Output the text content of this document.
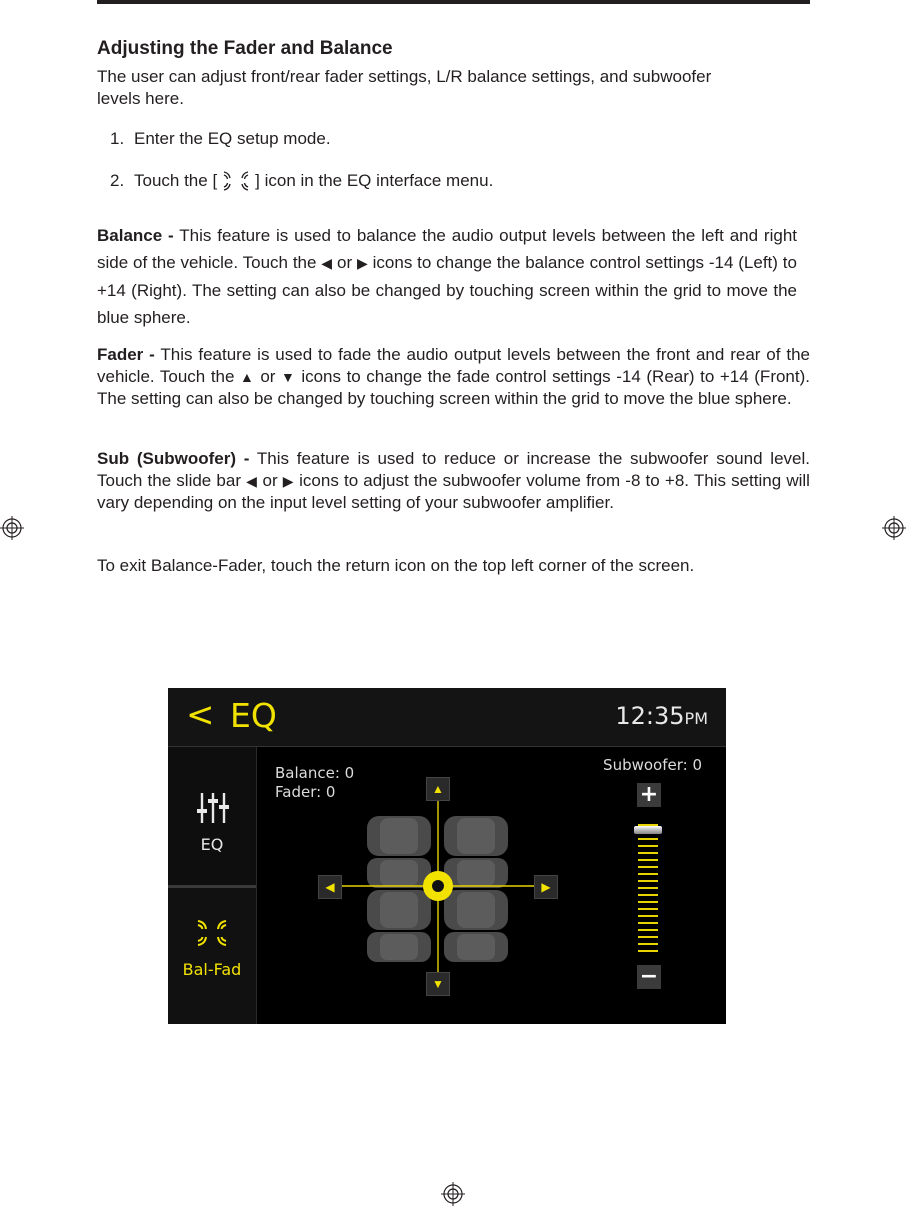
Adjusting the Fader and Balance

The user can adjust front/rear fader settings, L/R balance settings, and subwoofer levels here.

1. Enter the EQ setup mode.
2. Touch the [ ] icon in the EQ interface menu.

Balance - This feature is used to balance the audio output levels between the left and right side of the vehicle. Touch the ◀ or ▶ icons to change the balance control settings -14 (Left) to +14 (Right). The setting can also be changed by touching screen within the grid to move the blue sphere.

Fader - This feature is used to fade the audio output levels between the front and rear of the vehicle. Touch the ▲ or ▼ icons to change the fade control settings -14 (Rear) to +14 (Front). The setting can also be changed by touching screen within the grid to move the blue sphere.

Sub (Subwoofer) - This feature is used to reduce or increase the subwoofer sound level. Touch the slide bar ◀ or ▶ icons to adjust the subwoofer volume from -8 to +8. This setting will vary depending on the input level setting of your subwoofer amplifier.

To exit Balance-Fader, touch the return icon on the top left corner of the screen.

< EQ	12:35PM
EQ
Bal-Fad
Balance: 0
Fader: 0
Subwoofer: 0
▲
▼
◀	▶
+
−
